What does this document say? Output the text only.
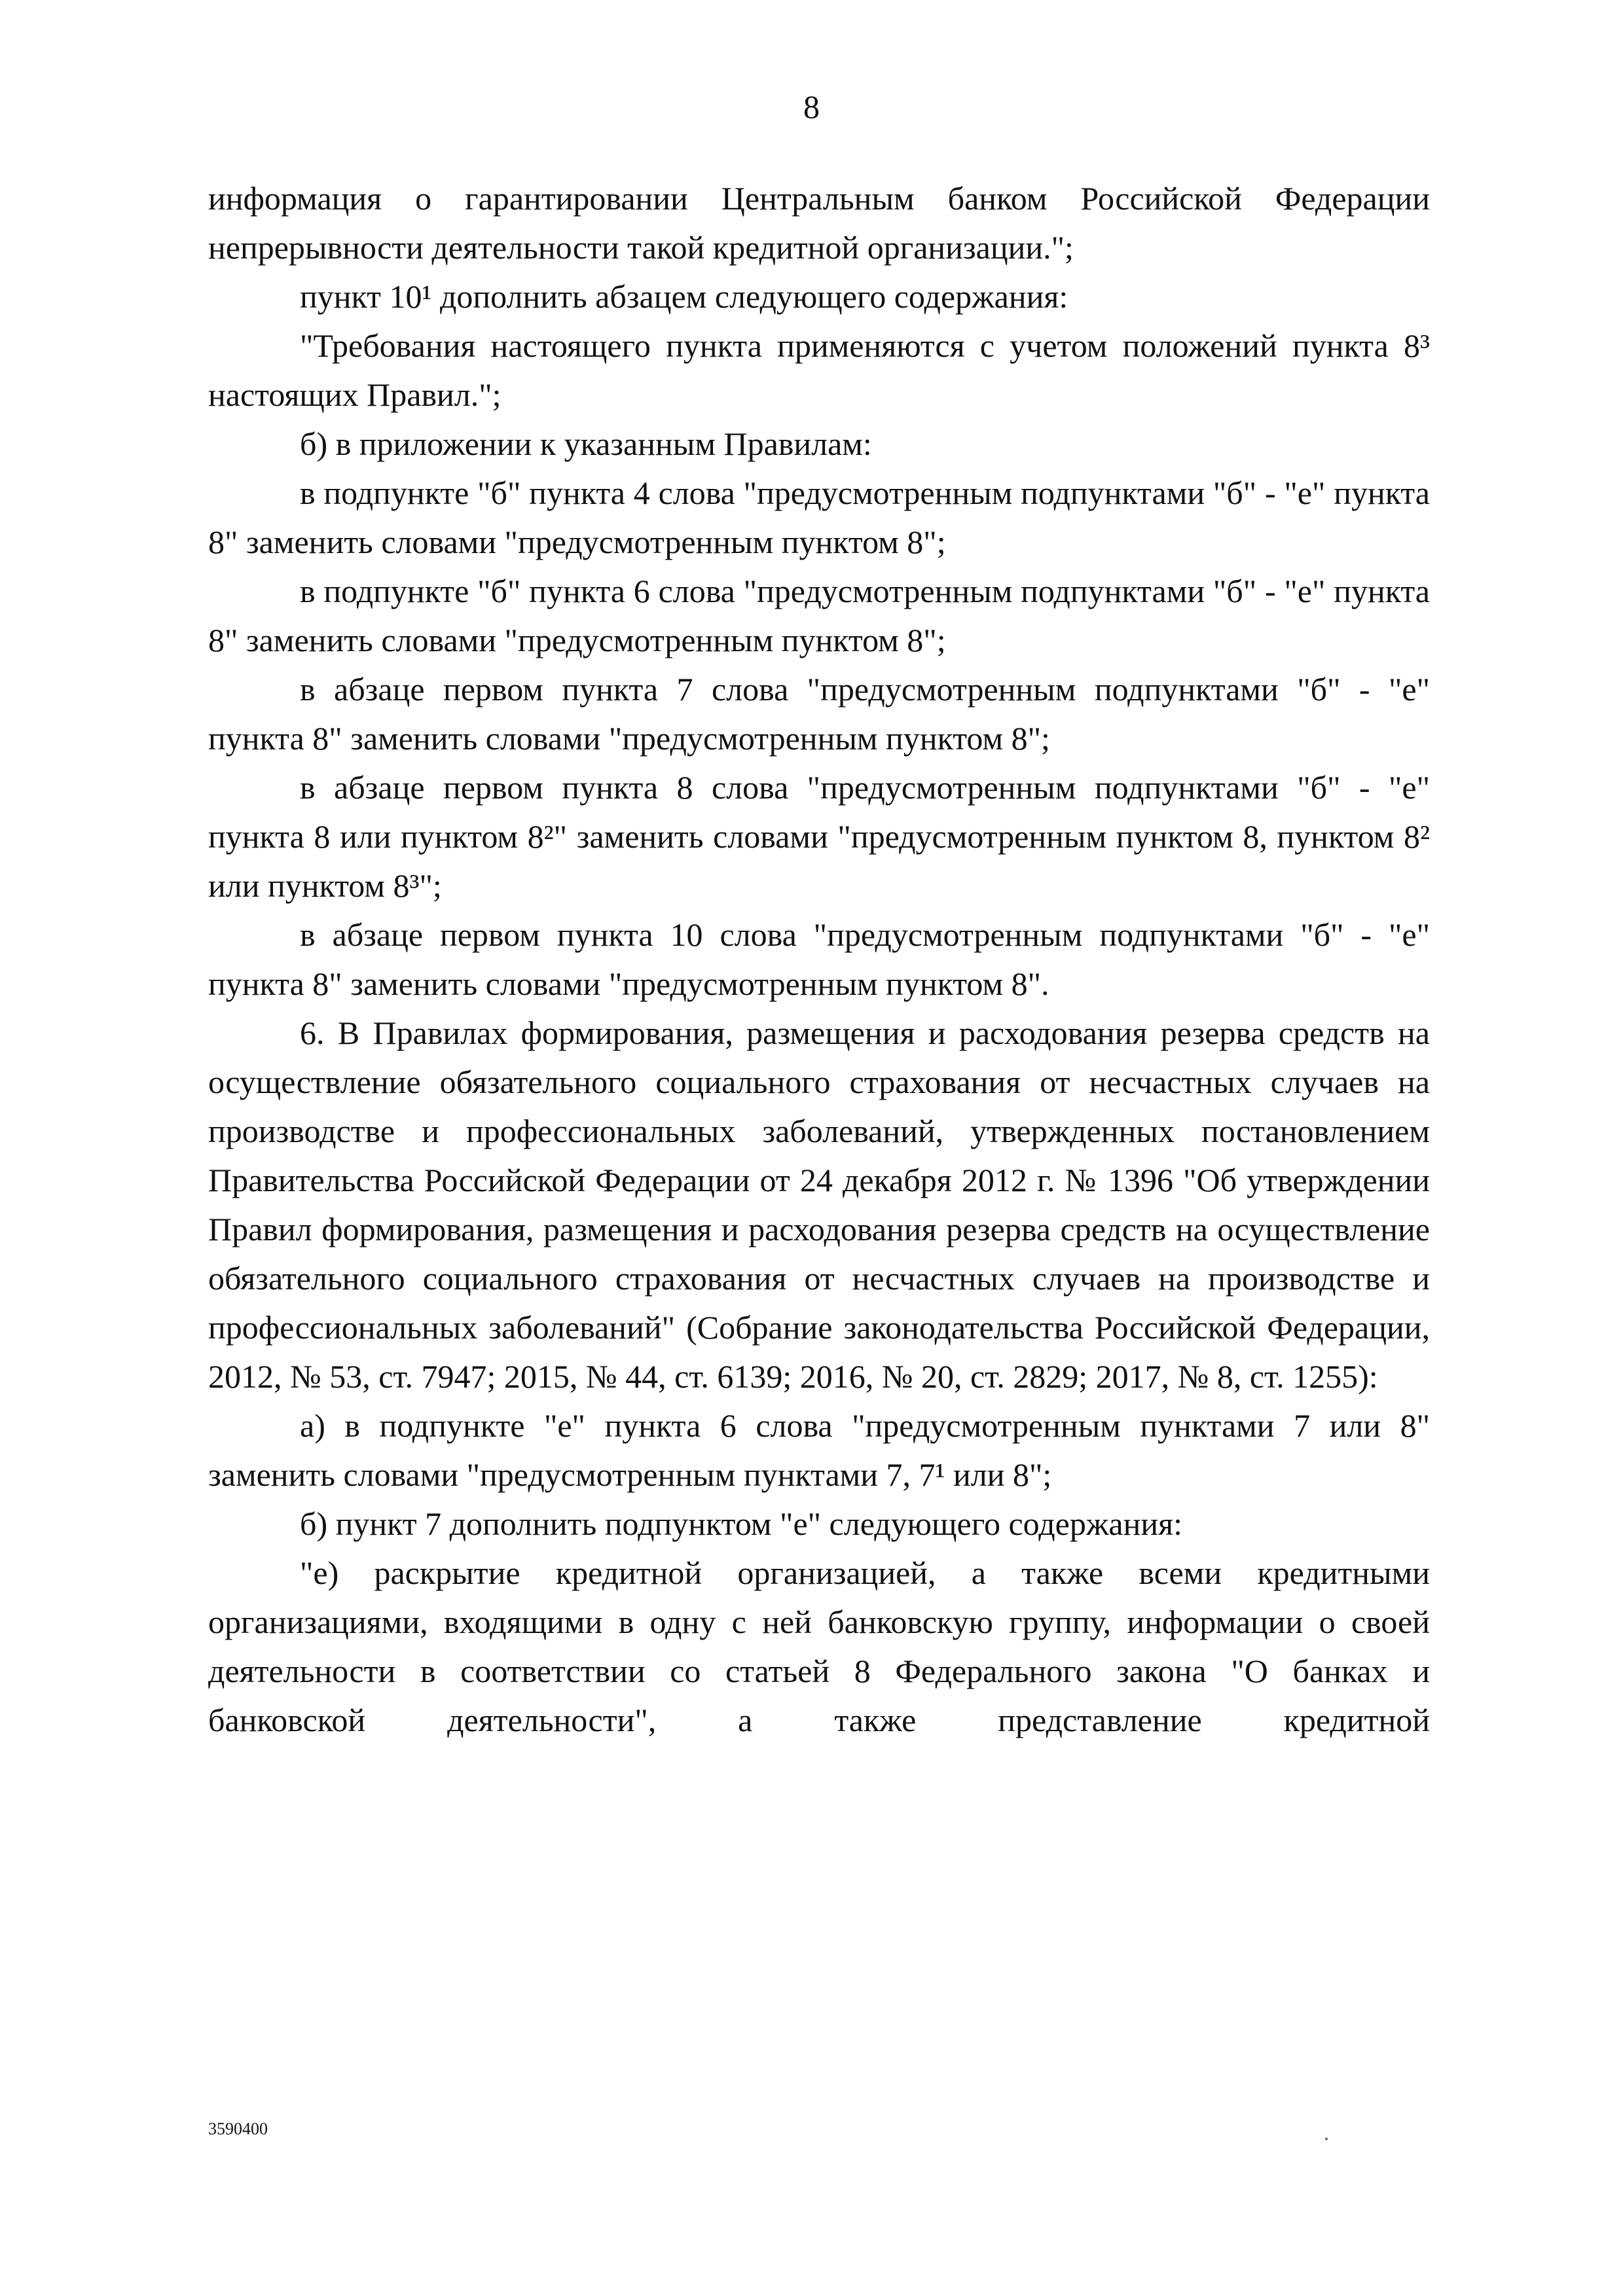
8

информация о гарантировании Центральным банком Российской Федерации непрерывности деятельности такой кредитной организации.";

пункт 10¹ дополнить абзацем следующего содержания:

"Требования настоящего пункта применяются с учетом положений пункта 8³ настоящих Правил.";

б) в приложении к указанным Правилам:

в подпункте "б" пункта 4 слова "предусмотренным подпунктами "б" - "е" пункта 8" заменить словами "предусмотренным пунктом 8";

в подпункте "б" пункта 6 слова "предусмотренным подпунктами "б" - "е" пункта 8" заменить словами "предусмотренным пунктом 8";

в абзаце первом пункта 7 слова "предусмотренным подпунктами "б" - "е" пункта 8" заменить словами "предусмотренным пунктом 8";

в абзаце первом пункта 8 слова "предусмотренным подпунктами "б" - "е" пункта 8 или пунктом 8²" заменить словами "предусмотренным пунктом 8, пунктом 8² или пунктом 8³";

в абзаце первом пункта 10 слова "предусмотренным подпунктами "б" - "е" пункта 8" заменить словами "предусмотренным пунктом 8".

6. В Правилах формирования, размещения и расходования резерва средств на осуществление обязательного социального страхования от несчастных случаев на производстве и профессиональных заболеваний, утвержденных постановлением Правительства Российской Федерации от 24 декабря 2012 г. № 1396 "Об утверждении Правил формирования, размещения и расходования резерва средств на осуществление обязательного социального страхования от несчастных случаев на производстве и профессиональных заболеваний" (Собрание законодательства Российской Федерации, 2012, № 53, ст. 7947; 2015, № 44, ст. 6139; 2016, № 20, ст. 2829; 2017, № 8, ст. 1255):

а) в подпункте "е" пункта 6 слова "предусмотренным пунктами 7 или 8" заменить словами "предусмотренным пунктами 7, 7¹ или 8";

б) пункт 7 дополнить подпунктом "е" следующего содержания:

"е) раскрытие кредитной организацией, а также всеми кредитными организациями, входящими в одну с ней банковскую группу, информации о своей деятельности в соответствии со статьей 8 Федерального закона "О банках и банковской деятельности", а также представление кредитной

3590400
